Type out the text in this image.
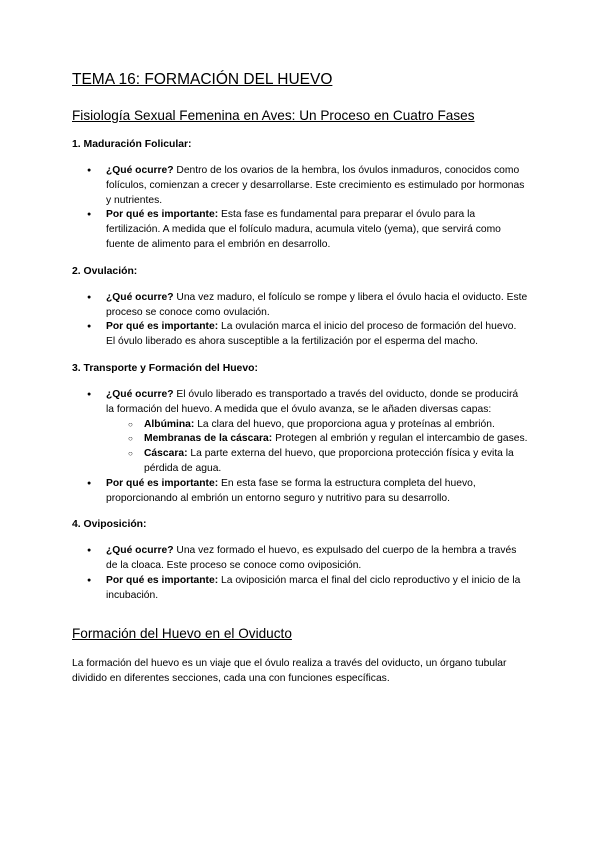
TEMA 16: FORMACIÓN DEL HUEVO
Fisiología Sexual Femenina en Aves: Un Proceso en Cuatro Fases
1. Maduración Folicular:
● ¿Qué ocurre? Dentro de los ovarios de la hembra, los óvulos inmaduros, conocidos como folículos, comienzan a crecer y desarrollarse. Este crecimiento es estimulado por hormonas y nutrientes.
● Por qué es importante: Esta fase es fundamental para preparar el óvulo para la fertilización. A medida que el folículo madura, acumula vitelo (yema), que servirá como fuente de alimento para el embrión en desarrollo.
2. Ovulación:
● ¿Qué ocurre? Una vez maduro, el folículo se rompe y libera el óvulo hacia el oviducto. Este proceso se conoce como ovulación.
● Por qué es importante: La ovulación marca el inicio del proceso de formación del huevo. El óvulo liberado es ahora susceptible a la fertilización por el esperma del macho.
3. Transporte y Formación del Huevo:
● ¿Qué ocurre? El óvulo liberado es transportado a través del oviducto, donde se producirá la formación del huevo. A medida que el óvulo avanza, se le añaden diversas capas:
○ Albúmina: La clara del huevo, que proporciona agua y proteínas al embrión.
○ Membranas de la cáscara: Protegen al embrión y regulan el intercambio de gases.
○ Cáscara: La parte externa del huevo, que proporciona protección física y evita la pérdida de agua.
● Por qué es importante: En esta fase se forma la estructura completa del huevo, proporcionando al embrión un entorno seguro y nutritivo para su desarrollo.
4. Oviposición:
● ¿Qué ocurre? Una vez formado el huevo, es expulsado del cuerpo de la hembra a través de la cloaca. Este proceso se conoce como oviposición.
● Por qué es importante: La oviposición marca el final del ciclo reproductivo y el inicio de la incubación.
Formación del Huevo en el Oviducto

La formación del huevo es un viaje que el óvulo realiza a través del oviducto, un órgano tubular dividido en diferentes secciones, cada una con funciones específicas.
